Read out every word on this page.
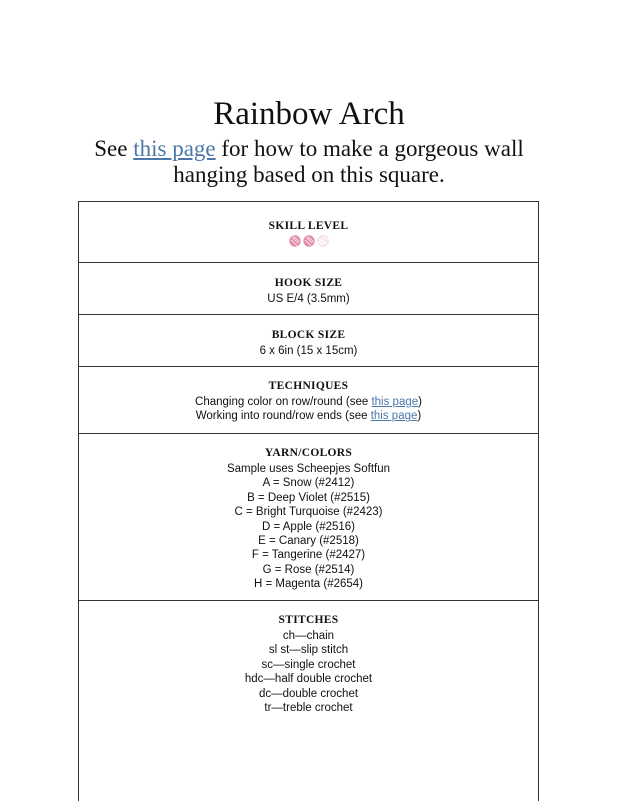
Rainbow Arch

See this page for how to make a gorgeous wall hanging based on this square.

SKILL LEVEL
HOOK SIZE
US E/4 (3.5mm)
BLOCK SIZE
6 x 6in (15 x 15cm)
TECHNIQUES
Changing color on row/round (see this page)
Working into round/row ends (see this page)
YARN/COLORS
Sample uses Scheepjes Softfun
A = Snow (#2412)
B = Deep Violet (#2515)
C = Bright Turquoise (#2423)
D = Apple (#2516)
E = Canary (#2518)
F = Tangerine (#2427)
G = Rose (#2514)
H = Magenta (#2654)
STITCHES
ch—chain
sl st—slip stitch
sc—single crochet
hdc—half double crochet
dc—double crochet
tr—treble crochet
